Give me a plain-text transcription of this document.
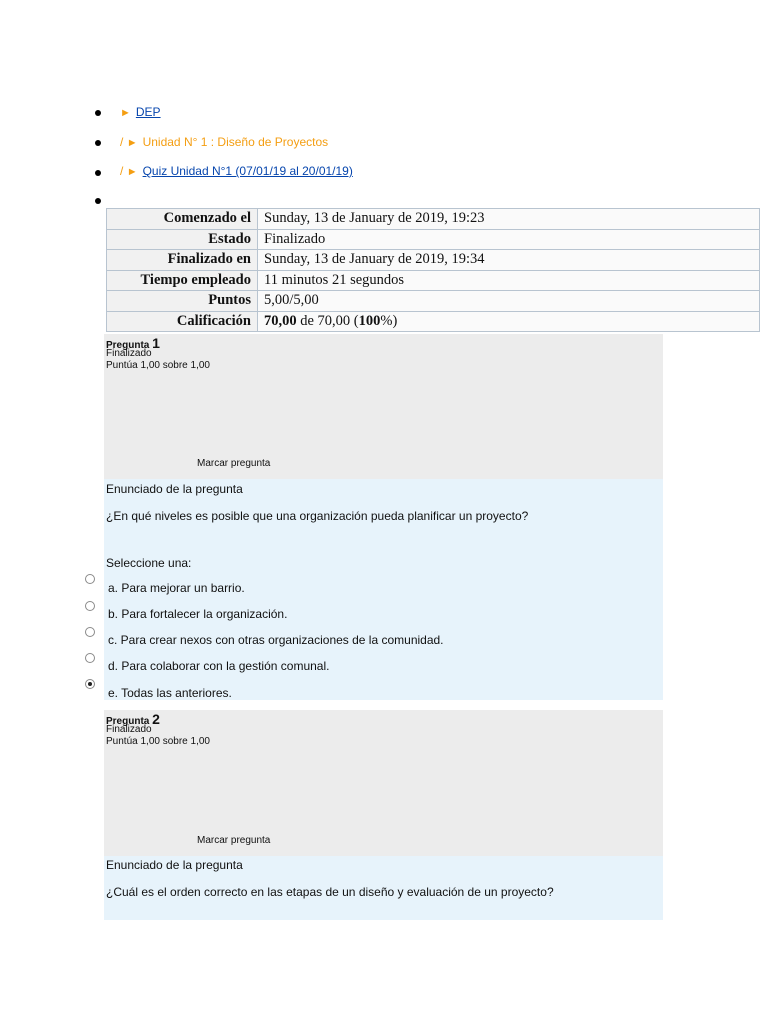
► DEP
/ ► Unidad N° 1 : Diseño de Proyectos
/ ► Quiz Unidad N°1 (07/01/19 al 20/01/19)
Comenzado el	Sunday, 13 de January de 2019, 19:23
Estado	Finalizado
Finalizado en	Sunday, 13 de January de 2019, 19:34
Tiempo empleado	11 minutos 21 segundos
Puntos	5,00/5,00
Calificación	70,00 de 70,00 (100%)
Pregunta 1
Finalizado
Puntúa 1,00 sobre 1,00
Marcar pregunta
Enunciado de la pregunta
¿En qué niveles es posible que una organización pueda planificar un proyecto?
Seleccione una:
a. Para mejorar un barrio.
b. Para fortalecer la organización.
c. Para crear nexos con otras organizaciones de la comunidad.
d. Para colaborar con la gestión comunal.
e. Todas las anteriores.
Pregunta 2
Finalizado
Puntúa 1,00 sobre 1,00
Marcar pregunta
Enunciado de la pregunta
¿Cuál es el orden correcto en las etapas de un diseño y evaluación de un proyecto?
